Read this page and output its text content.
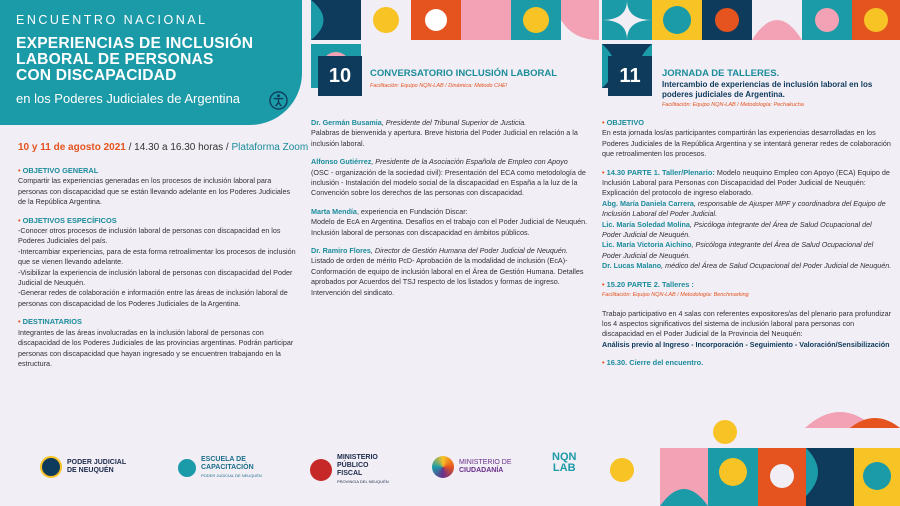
ENCUENTRO NACIONAL
EXPERIENCIAS DE INCLUSIÓN
LABORAL DE PERSONAS
CON DISCAPACIDAD
en los Poderes Judiciales de Argentina
10 y 11 de agosto 2021 / 14.30 a 16.30 horas / Plataforma Zoom
• OBJETIVO GENERAL
Compartir las experiencias generadas en los procesos de inclusión laboral para personas con discapacidad que se están llevando adelante en los Poderes Judiciales de la República Argentina.
• OBJETIVOS ESPECÍFICOS
-Conocer otros procesos de inclusión laboral de personas con discapacidad en los Poderes Judiciales del país.
-Intercambiar experiencias, para de esta forma retroalimentar los procesos de inclusión que se vienen llevando adelante.
-Visibilizar la experiencia de inclusión laboral de personas con discapacidad del Poder Judicial de Neuquén.
-Generar redes de colaboración e información entre las áreas de inclusión laboral de personas con discapacidad de los Poderes Judiciales de la Argentina.
• DESTINATARIOS
Integrantes de las áreas involucradas en la inclusión laboral de personas con discapacidad de los Poderes Judiciales de las provincias argentinas. Podrán participar personas con discapacidad que hayan ingresado y se encuentren trabajando en la estructura.
10	CONVERSATORIO INCLUSIÓN LABORAL
Facilitación: Equipo NQN-LAB / Dinámica: Método CHE!
Dr. Germán Busamia, Presidente del Tribunal Superior de Justicia.
Palabras de bienvenida y apertura. Breve historia del Poder Judicial en relación a la inclusión laboral.
Alfonso Gutiérrez, Presidente de la Asociación Española de Empleo con Apoyo
(OSC - organización de la sociedad civil): Presentación del ECA como metodología de inclusión - Instalación del modelo social de la discapacidad en España a la luz de la Convención sobre los derechos de las personas con discapacidad.
Marta Mendía, experiencia en Fundación Discar:
Modelo de EcA en Argentina. Desafíos en el trabajo con el Poder Judicial de Neuquén. Inclusión laboral de personas con discapacidad en ámbitos públicos.
Dr. Ramiro Flores, Director de Gestión Humana del Poder Judicial de Neuquén.
Listado de orden de mérito PcD- Aprobación de la modalidad de inclusión (EcA)- Conformación de equipo de inclusión laboral en el Área de Gestión Humana. Detalles aprobados por Acuerdos del TSJ respecto de los listados y formas de ingreso. Intervención del sindicato.
11	JORNADA DE TALLERES.
Intercambio de experiencias de inclusión laboral en los poderes judiciales de Argentina.
Facilitación: Equipo NQN-LAB / Metodología: Pechakucha
• OBJETIVO
En esta jornada los/as participantes compartirán las experiencias desarrolladas en los Poderes Judiciales de la República Argentina y se intentará generar redes de colaboración que retroalimenten los procesos.
• 14.30 PARTE 1. Taller/Plenario: Modelo neuquino Empleo con Apoyo (ECA) Equipo de Inclusión Laboral para Personas con Discapacidad del Poder Judicial de Neuquén: Explicación del protocolo de ingreso elaborado.
Abg. María Daniela Carrera, responsable de Ajusper MPF y coordinadora del Equipo de Inclusión Laboral del Poder Judicial.
Lic. María Soledad Molina, Psicóloga integrante del Área de Salud Ocupacional del Poder Judicial de Neuquén.
Lic. María Victoria Aichino, Psicóloga integrante del Área de Salud Ocupacional del Poder Judicial de Neuquén.
Dr. Lucas Malano, médico del Área de Salud Ocupacional del Poder Judicial de Neuquén.
• 15.20 PARTE 2. Talleres :
Facilitación: Equipo NQN-LAB / Metodología: Benchmarking
Trabajo participativo en 4 salas con referentes expositores/as del plenario para profundizar los 4 aspectos significativos del sistema de inclusión laboral para personas con discapacidad en el Poder Judicial de la Provincia del Neuquén:
Análisis previo al Ingreso - Incorporación - Seguimiento - Valoración/Sensibilización
• 16.30. Cierre del encuentro.
PODER JUDICIAL
DE NEUQUÉN
ESCUELA DE
CAPACITACIÓN
PODER JUDICIAL DE NEUQUÉN
MINISTERIO
PÚBLICO
FISCAL
PROVINCIA DEL NEUQUÉN
MINISTERIO DE
CIUDADANÍA
NQN
LAB
